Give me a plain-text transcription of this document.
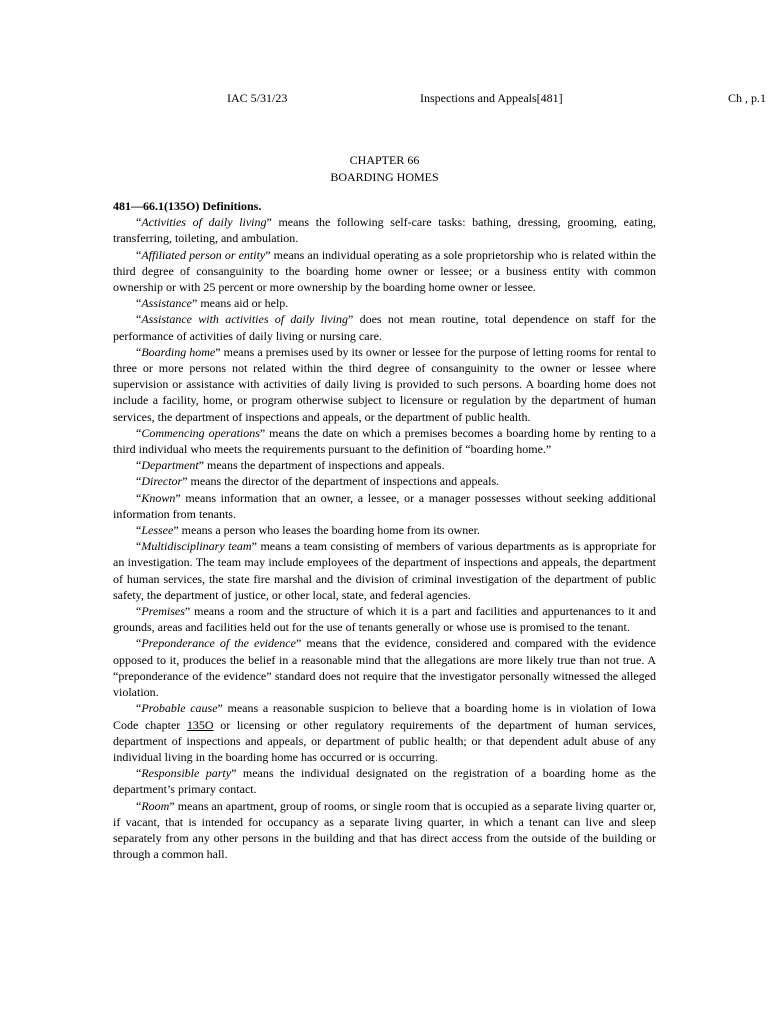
IAC 5/31/23	Inspections and Appeals[481]	Ch , p.1
CHAPTER 66
BOARDING HOMES

481—66.1(135O) Definitions.

“Activities of daily living” means the following self-care tasks: bathing, dressing, grooming, eating, transferring, toileting, and ambulation.

“Affiliated person or entity” means an individual operating as a sole proprietorship who is related within the third degree of consanguinity to the boarding home owner or lessee; or a business entity with common ownership or with 25 percent or more ownership by the boarding home owner or lessee.

“Assistance” means aid or help.

“Assistance with activities of daily living” does not mean routine, total dependence on staff for the performance of activities of daily living or nursing care.

“Boarding home” means a premises used by its owner or lessee for the purpose of letting rooms for rental to three or more persons not related within the third degree of consanguinity to the owner or lessee where supervision or assistance with activities of daily living is provided to such persons. A boarding home does not include a facility, home, or program otherwise subject to licensure or regulation by the department of human services, the department of inspections and appeals, or the department of public health.

“Commencing operations” means the date on which a premises becomes a boarding home by renting to a third individual who meets the requirements pursuant to the definition of “boarding home.”

“Department” means the department of inspections and appeals.

“Director” means the director of the department of inspections and appeals.

“Known” means information that an owner, a lessee, or a manager possesses without seeking additional information from tenants.

“Lessee” means a person who leases the boarding home from its owner.

“Multidisciplinary team” means a team consisting of members of various departments as is appropriate for an investigation. The team may include employees of the department of inspections and appeals, the department of human services, the state fire marshal and the division of criminal investigation of the department of public safety, the department of justice, or other local, state, and federal agencies.

“Premises” means a room and the structure of which it is a part and facilities and appurtenances to it and grounds, areas and facilities held out for the use of tenants generally or whose use is promised to the tenant.

“Preponderance of the evidence” means that the evidence, considered and compared with the evidence opposed to it, produces the belief in a reasonable mind that the allegations are more likely true than not true. A “preponderance of the evidence” standard does not require that the investigator personally witnessed the alleged violation.

“Probable cause” means a reasonable suspicion to believe that a boarding home is in violation of Iowa Code chapter 135O or licensing or other regulatory requirements of the department of human services, department of inspections and appeals, or department of public health; or that dependent adult abuse of any individual living in the boarding home has occurred or is occurring.

“Responsible party” means the individual designated on the registration of a boarding home as the department’s primary contact.

“Room” means an apartment, group of rooms, or single room that is occupied as a separate living quarter or, if vacant, that is intended for occupancy as a separate living quarter, in which a tenant can live and sleep separately from any other persons in the building and that has direct access from the outside of the building or through a common hall.
